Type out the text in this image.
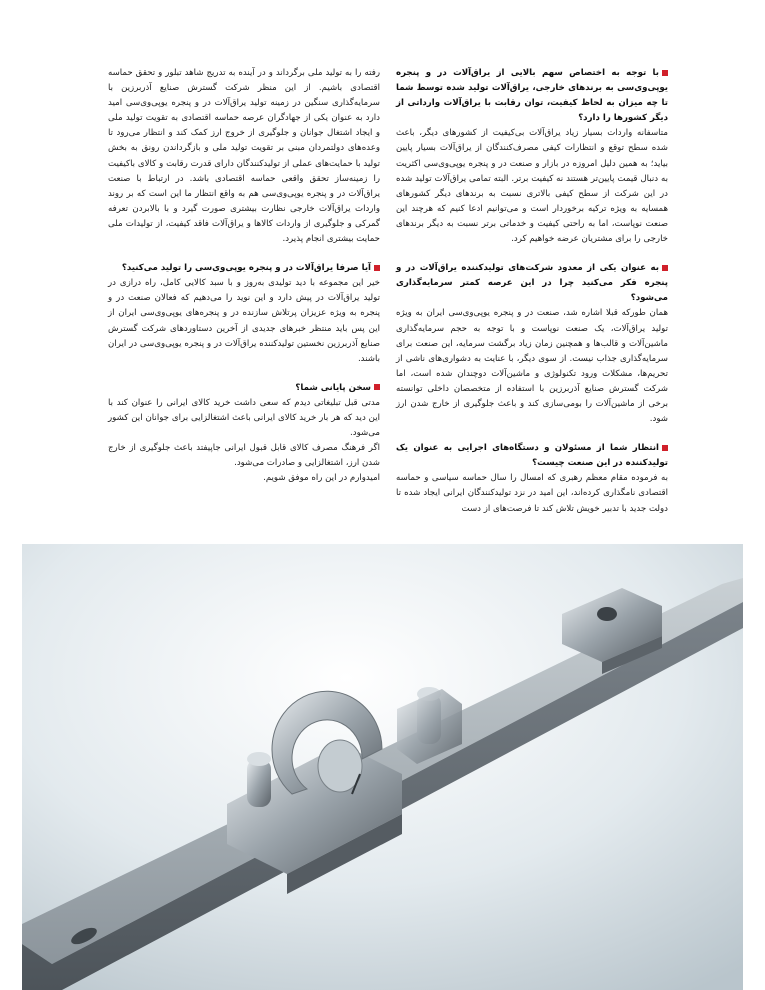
با توجه به اختصاص سهم بالایی از یراق‌آلات در و پنجره یوپی‌وی‌سی به برندهای خارجی، یراق‌آلات تولید شده توسط شما تا چه میزان به لحاظ کیفیت، توان رقابت با یراق‌آلات وارداتی از دیگر کشورها را دارد؟

متاسفانه واردات بسیار زیاد یراق‌آلات بی‌کیفیت از کشورهای دیگر، باعث شده سطح توقع و انتظارات کیفی مصرف‌کنندگان از یراق‌آلات بسیار پایین بیاید؛ به همین دلیل امروزه در بازار و صنعت در و پنجره یوپی‌وی‌سی اکثریت به دنبال قیمت پایین‌تر هستند نه کیفیت برتر. البته تمامی یراق‌آلات تولید شده در این شرکت از سطح کیفی بالاتری نسبت به برندهای دیگر کشورهای همسایه به ویژه ترکیه برخوردار است و می‌توانیم ادعا کنیم که هرچند این صنعت نوپاست، اما به راحتی کیفیت و خدماتی برتر نسبت به دیگر برندهای خارجی را برای مشتریان عرضه خواهیم کرد.

به عنوان یکی از معدود شرکت‌های تولیدکننده یراق‌آلات در و پنجره فکر می‌کنید چرا در این عرصه کمتر سرمایه‌گذاری می‌شود؟

همان طورکه قبلا اشاره شد، صنعت در و پنجره یوپی‌وی‌سی ایران به ویژه تولید یراق‌آلات، یک صنعت نوپاست و با توجه به حجم سرمایه‌گذاری ماشین‌آلات و قالب‌ها و همچنین زمان زیاد برگشت سرمایه، این صنعت برای سرمایه‌گذاری جذاب نیست. از سوی دیگر، با عنایت به دشواری‌های ناشی از تحریم‌ها، مشکلات ورود تکنولوژی و ماشین‌آلات دوچندان شده است، اما شرکت گسترش صنایع آذربرزین با استفاده از متخصصان داخلی توانسته برخی از ماشین‌آلات را بومی‌سازی کند و باعث جلوگیری از خارج شدن ارز شود.

انتظار شما از مسئولان و دستگاه‌های اجرایی به عنوان یک تولیدکننده در این صنعت چیست؟

به فرموده مقام معظم رهبری که امسال را سال حماسه سیاسی و حماسه اقتصادی نامگذاری کرده‌اند، این امید در نزد تولیدکنندگان ایرانی ایجاد شده تا دولت جدید با تدبیر خویش تلاش کند تا فرصت‌های از دست

رفته را به تولید ملی برگرداند و در آینده به تدریج شاهد تبلور و تحقق حماسه اقتصادی باشیم. از این منظر شرکت گسترش صنایع آذربرزین با سرمایه‌گذاری سنگین در زمینه تولید یراق‌آلات در و پنجره یوپی‌وی‌سی امید دارد به عنوان یکی از جهادگران عرصه حماسه اقتصادی به تقویت تولید ملی و ایجاد اشتغال جوانان و جلوگیری از خروج ارز کمک کند و انتظار می‌رود تا وعده‌های دولتمردان مبنی بر تقویت تولید ملی و بازگرداندن رونق به بخش تولید با حمایت‌های عملی از تولیدکنندگان دارای قدرت رقابت و کالای باکیفیت را زمینه‌ساز تحقق واقعی حماسه اقتصادی باشد. در ارتباط با صنعت یراق‌آلات در و پنجره یوپی‌وی‌سی هم به واقع انتظار ما این است که بر روند واردات یراق‌آلات خارجی نظارت بیشتری صورت گیرد و با بالابردن تعرفه گمرکی و جلوگیری از واردات کالاها و یراق‌آلات فاقد کیفیت، از تولیدات ملی حمایت بیشتری انجام پذیرد.

آیا صرفا یراق‌آلات در و پنجره یوپی‌وی‌سی را تولید می‌کنید؟

خیر این مجموعه با دید تولیدی به‌روز و با سبد کالایی کامل، راه درازی در تولید یراق‌آلات در پیش دارد و این نوید را می‌دهیم که فعالان صنعت در و پنجره به ویژه عزیزان پرتلاش سازنده در و پنجره‌های یوپی‌وی‌سی ایران از این پس باید منتظر خبرهای جدیدی از آخرین دستاوردهای شرکت گسترش صنایع آذربرزین نخستین تولیدکننده یراق‌آلات در و پنجره یوپی‌وی‌سی در ایران باشند.

سخن پایانی شما؟

مدتی قبل تبلیغاتی دیدم که سعی داشت خرید کالای ایرانی را عنوان کند با این دید که هر بار خرید کالای ایرانی باعث اشتغالزایی برای جوانان این کشور می‌شود.
اگر فرهنگ مصرف کالای قابل قبول ایرانی جاپیفتد باعث جلوگیری از خارج شدن ارز، اشتغالزایی و صادرات می‌شود.
امیدوارم در این راه موفق شویم.
